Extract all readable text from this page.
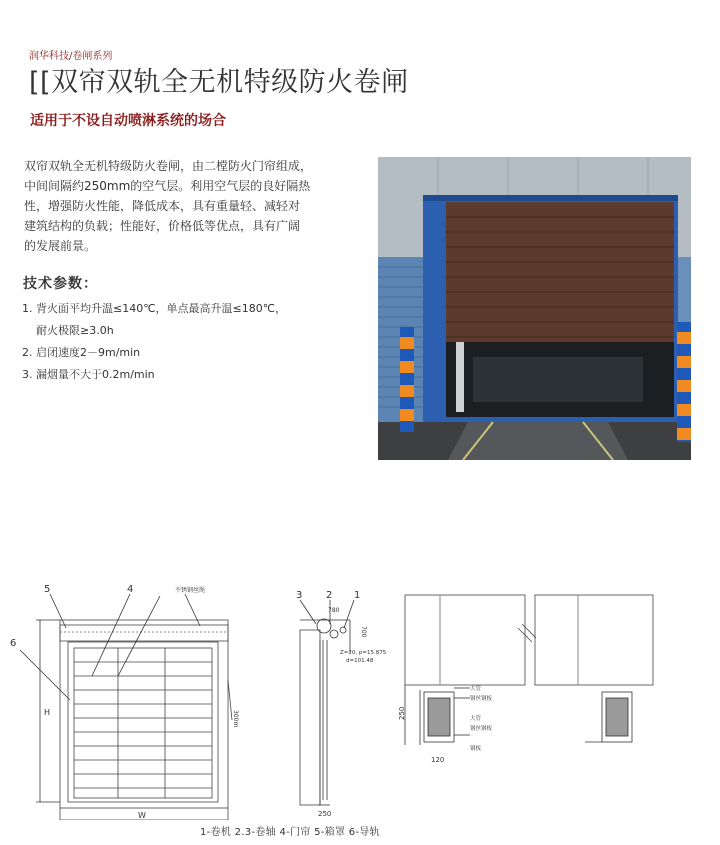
润华科技/卷闸系列
[[双帘双轨全无机特级防火卷闸
适用于不设自动喷淋系统的场合
双帘双轨全无机特级防火卷闸，由二樘防火门帘组成，
中间间隔约250mm的空气层。利用空气层的良好隔热
性，增强防火性能，降低成本，具有重量轻、减轻对
建筑结构的负载；性能好，价格低等优点，具有广阔
的发展前景。
技术参数：
1. 背火面平均升温≤140℃，单点最高升温≤180℃，
耐火极限≥3.0h
2. 启闭速度2－9m/min
3. 漏烟量不大于0.2m/min
5	4
6
H
W
不锈钢丝绳
300m
3 2 1
780
700
Z=20, p=15.875
d=101.48
250
250
120
大管
钢丝钢板
大管
钢丝钢板
钢板
1-卷机 2.3-卷轴 4-门帘 5-箱罩 6-导轨
